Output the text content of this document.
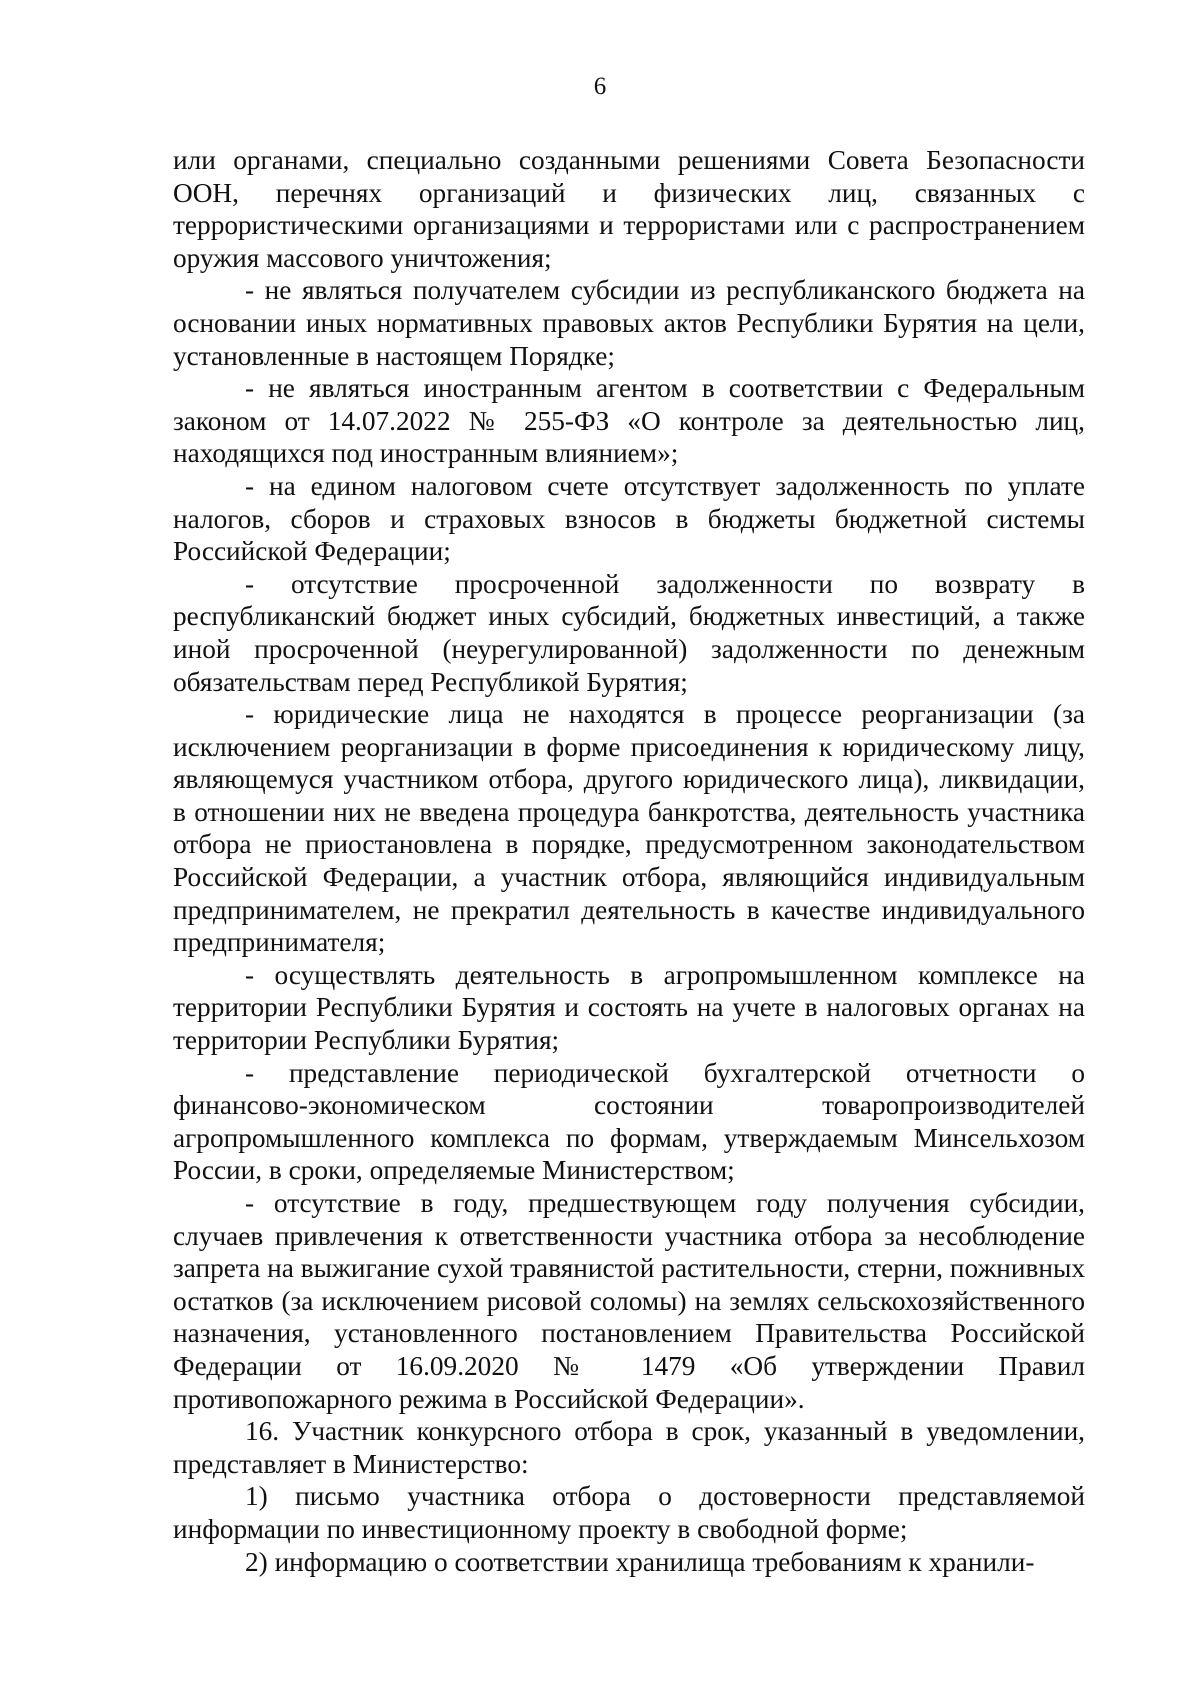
6

или органами, специально созданными решениями Совета Безопасности ООН, перечнях организаций и физических лиц, связанных с террористическими организациями и террористами или с распространением оружия массового уничтожения;

- не являться получателем субсидии из республиканского бюджета на основании иных нормативных правовых актов Республики Бурятия на цели, установленные в настоящем Порядке;

- не являться иностранным агентом в соответствии с Федеральным законом от 14.07.2022 № 255-ФЗ «О контроле за деятельностью лиц, находящихся под иностранным влиянием»;

- на едином налоговом счете отсутствует задолженность по уплате налогов, сборов и страховых взносов в бюджеты бюджетной системы Российской Федерации;

- отсутствие просроченной задолженности по возврату в республиканский бюджет иных субсидий, бюджетных инвестиций, а также иной просроченной (неурегулированной) задолженности по денежным обязательствам перед Республикой Бурятия;

- юридические лица не находятся в процессе реорганизации (за исключением реорганизации в форме присоединения к юридическому лицу, являющемуся участником отбора, другого юридического лица), ликвидации, в отношении них не введена процедура банкротства, деятельность участника отбора не приостановлена в порядке, предусмотренном законодательством Российской Федерации, а участник отбора, являющийся индивидуальным предпринимателем, не прекратил деятельность в качестве индивидуального предпринимателя;

- осуществлять деятельность в агропромышленном комплексе на территории Республики Бурятия и состоять на учете в налоговых органах на территории Республики Бурятия;

- представление периодической бухгалтерской отчетности о финансово-экономическом состоянии товаропроизводителей агропромышленного комплекса по формам, утверждаемым Минсельхозом России, в сроки, определяемые Министерством;

- отсутствие в году, предшествующем году получения субсидии, случаев привлечения к ответственности участника отбора за несоблюдение запрета на выжигание сухой травянистой растительности, стерни, пожнивных остатков (за исключением рисовой соломы) на землях сельскохозяйственного назначения, установленного постановлением Правительства Российской Федерации от 16.09.2020 № 1479 «Об утверждении Правил противопожарного режима в Российской Федерации».

16. Участник конкурсного отбора в срок, указанный в уведомлении, представляет в Министерство:

1) письмо участника отбора о достоверности представляемой информации по инвестиционному проекту в свободной форме;

2) информацию о соответствии хранилища требованиям к хранили-
